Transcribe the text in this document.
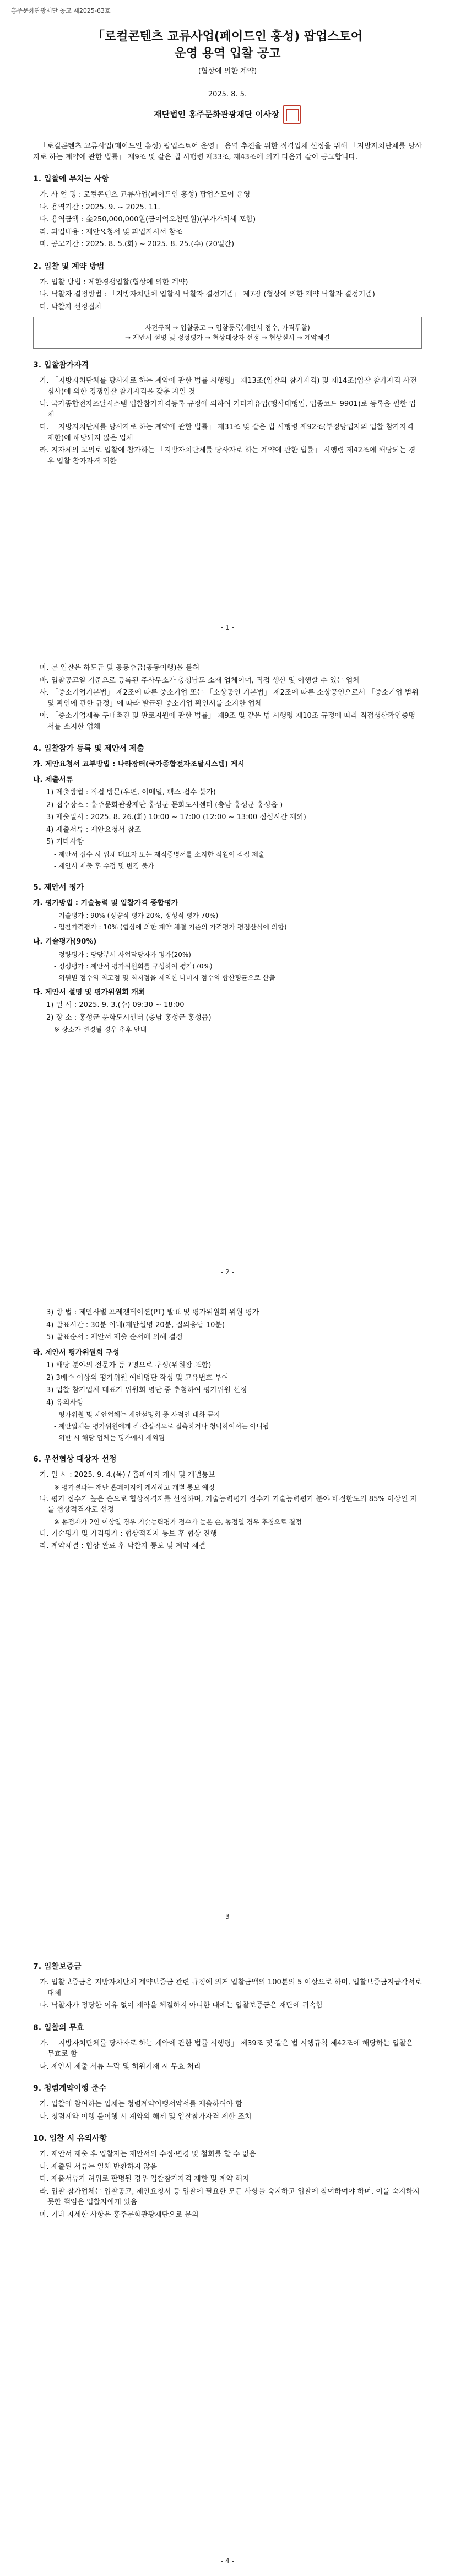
홍주문화관광재단 공고 제2025-63호
「로컬콘텐츠 교류사업(페이드인 홍성) 팝업스토어
운영 용역 입찰 공고
(협상에 의한 계약)
2025. 8. 5.
재단법인 홍주문화관광재단 이사장

「로컬콘텐츠 교류사업(페이드인 홍성) 팝업스토어 운영」 용역 추진을 위한 적격업체 선정을 위해 「지방자치단체를 당사자로 하는 계약에 관한 법률」 제9조 및 같은 법 시행령 제33조, 제43조에 의거 다음과 같이 공고합니다.

1. 입찰에 부치는 사항
가. 사 업 명 : 로컬콘텐츠 교류사업(페이드인 홍성) 팝업스토어 운영
나. 용역기간 : 2025. 9. ~ 2025. 11.
다. 용역금액 : 金250,000,000원(금이억오천만원)(부가가치세 포함)
라. 과업내용 : 제안요청서 및 과업지시서 참조
마. 공고기간 : 2025. 8. 5.(화) ~ 2025. 8. 25.(수) (20일간)
2. 입찰 및 계약 방법
가. 입찰 방법 : 제한경쟁입찰(협상에 의한 계약)
나. 낙찰자 결정방법 : 「지방자치단체 입찰시 낙찰자 결정기준」 제7장 (협상에 의한 계약 낙찰자 결정기준)
다. 낙찰자 선정절차
사전규격 → 입찰공고 → 입찰등록(제안서 접수, 가격투찰)
→ 제안서 설명 및 정성평가 → 협상대상자 선정 → 협상실시 → 계약체결
3. 입찰참가자격
가. 「지방자치단체를 당사자로 하는 계약에 관한 법률 시행령」 제13조(입찰의 참가자격) 및 제14조(입찰 참가자격 사전심사)에 의한 경쟁입찰 참가자격을 갖춘 자일 것
나. 국가종합전자조달시스템 입찰참가자격등록 규정에 의하여 기타자유업(행사대행업, 업종코드 9901)로 등록을 필한 업체
다. 「지방자치단체를 당사자로 하는 계약에 관한 법률」 제31조 및 같은 법 시행령 제92조(부정당업자의 입찰 참가자격 제한)에 해당되지 않은 업체
라. 지자체의 고의로 입찰에 참가하는 「지방자치단체를 당사자로 하는 계약에 관한 법률」 시행령 제42조에 해당되는 경우 입찰 참가자격 제한
- 1 -
마. 본 입찰은 하도급 및 공동수급(공동이행)을 불허
바. 입찰공고일 기준으로 등록된 주사무소가 충청남도 소재 업체이며, 직접 생산 및 이행할 수 있는 업체
사. 「중소기업기본법」 제2조에 따른 중소기업 또는 「소상공인 기본법」 제2조에 따른 소상공인으로서 「중소기업 범위 및 확인에 관한 규정」에 따라 발급된 중소기업 확인서를 소지한 업체
아. 「중소기업제품 구매촉진 및 판로지원에 관한 법률」 제9조 및 같은 법 시행령 제10조 규정에 따라 직접생산확인증명서를 소지한 업체
4. 입찰참가 등록 및 제안서 제출
가. 제안요청서 교부방법 : 나라장터(국가종합전자조달시스템) 게시
나. 제출서류
1) 제출방법 : 직접 방문(우편, 이메일, 팩스 접수 불가)
2) 접수장소 : 홍주문화관광재단 홍성군 문화도시센터 (충남 홍성군 홍성읍 )
3) 제출일시 : 2025. 8. 26.(화) 10:00 ~ 17:00 (12:00 ~ 13:00 점심시간 제외)
4) 제출서류 : 제안요청서 참조
5) 기타사항
- 제안서 접수 시 업체 대표자 또는 재직증명서를 소지한 직원이 직접 제출
- 제안서 제출 후 수정 및 변경 불가
5. 제안서 평가
가. 평가방법 : 기술능력 및 입찰가격 종합평가
- 기술평가 : 90% (정량적 평가 20%, 정성적 평가 70%)
- 입찰가격평가 : 10% (협상에 의한 계약 체결 기준의 가격평가 평점산식에 의함)
나. 기술평가(90%)
- 정량평가 : 당당부서 사업담당자가 평가(20%)
- 정성평가 : 제안서 평가위원회를 구성하여 평가(70%)
- 위원별 점수의 최고점 및 최저점을 제외한 나머지 점수의 합산평균으로 산출
다. 제안서 설명 및 평가위원회 개최
1) 일 시 : 2025. 9. 3.(수) 09:30 ~ 18:00
2) 장 소 : 홍성군 문화도시센터 (충남 홍성군 홍성읍)
※ 장소가 변경될 경우 추후 안내
- 2 -
3) 방 법 : 제안사별 프레젠테이션(PT) 발표 및 평가위원회 위원 평가
4) 발표시간 : 30분 이내(제안설명 20분, 질의응답 10분)
5) 발표순서 : 제안서 제출 순서에 의해 결정
라. 제안서 평가위원회 구성
1) 해당 분야의 전문가 등 7명으로 구성(위원장 포함)
2) 3배수 이상의 평가위원 예비명단 작성 및 고유번호 부여
3) 입찰 참가업체 대표가 위원회 명단 중 추첨하여 평가위원 선정
4) 유의사항
- 평가위원 및 제안업체는 제안설명회 중 사적인 대화 금지
- 제안업체는 평가위원에게 직·간접적으로 접촉하거나 청탁하여서는 아니됨
- 위반 시 해당 업체는 평가에서 제외됨
6. 우선협상 대상자 선정
가. 일 시 : 2025. 9. 4.(목) / 홈페이지 게시 및 개별통보
※ 평가결과는 재단 홈페이지에 게시하고 개별 통보 예정
나. 평가 점수가 높은 순으로 협상적격자를 선정하며, 기술능력평가 점수가 기술능력평가 분야 배점한도의 85% 이상인 자를 협상적격자로 선정
※ 동점자가 2인 이상일 경우 기술능력평가 점수가 높은 순, 동점일 경우 추첨으로 결정
다. 기술평가 및 가격평가 : 협상적격자 통보 후 협상 진행
라. 계약체결 : 협상 완료 후 낙찰자 통보 및 계약 체결
- 3 -
7. 입찰보증금
가. 입찰보증금은 지방자치단체 계약보증금 관련 규정에 의거 입찰금액의 100분의 5 이상으로 하며, 입찰보증금지급각서로 대체
나. 낙찰자가 정당한 이유 없이 계약을 체결하지 아니한 때에는 입찰보증금은 재단에 귀속함
8. 입찰의 무효
가. 「지방자치단체를 당사자로 하는 계약에 관한 법률 시행령」 제39조 및 같은 법 시행규칙 제42조에 해당하는 입찰은 무효로 함
나. 제안서 제출 서류 누락 및 허위기재 시 무효 처리
9. 청렴계약이행 준수
가. 입찰에 참여하는 업체는 청렴계약이행서약서를 제출하여야 함
나. 청렴계약 이행 불이행 시 계약의 해제 및 입찰참가자격 제한 조치
10. 입찰 시 유의사항
가. 제안서 제출 후 입찰자는 제안서의 수정·변경 및 철회를 할 수 없음
나. 제출된 서류는 일체 반환하지 않음
다. 제출서류가 허위로 판명될 경우 입찰참가자격 제한 및 계약 해지
라. 입찰 참가업체는 입찰공고, 제안요청서 등 입찰에 필요한 모든 사항을 숙지하고 입찰에 참여하여야 하며, 이를 숙지하지 못한 책임은 입찰자에게 있음
마. 기타 자세한 사항은 홍주문화관광재단으로 문의
- 4 -
